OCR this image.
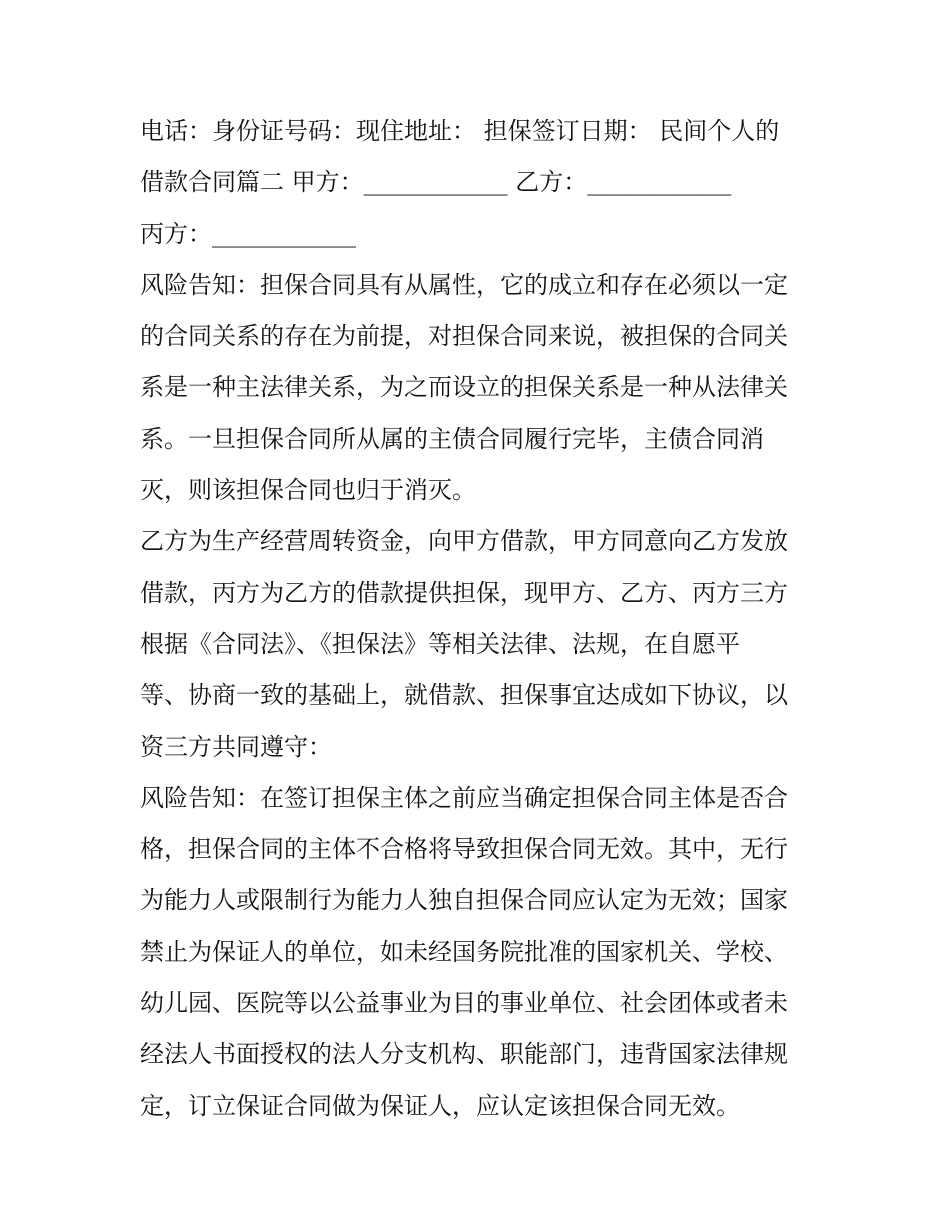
电话：身份证号码：现住地址： 担保签订日期： 民间个人的
借款合同篇二 甲方：____________ 乙方：____________
丙方：____________
风险告知：担保合同具有从属性，它的成立和存在必须以一定
的合同关系的存在为前提，对担保合同来说，被担保的合同关
系是一种主法律关系，为之而设立的担保关系是一种从法律关
系。一旦担保合同所从属的主债合同履行完毕，主债合同消
灭，则该担保合同也归于消灭。
乙方为生产经营周转资金，向甲方借款，甲方同意向乙方发放
借款，丙方为乙方的借款提供担保，现甲方、乙方、丙方三方
根据《合同法》、《担保法》等相关法律、法规，在自愿平
等、协商一致的基础上，就借款、担保事宜达成如下协议，以
资三方共同遵守：
风险告知：在签订担保主体之前应当确定担保合同主体是否合
格，担保合同的主体不合格将导致担保合同无效。其中，无行
为能力人或限制行为能力人独自担保合同应认定为无效；国家
禁止为保证人的单位，如未经国务院批准的国家机关、学校、
幼儿园、医院等以公益事业为目的事业单位、社会团体或者未
经法人书面授权的法人分支机构、职能部门，违背国家法律规
定，订立保证合同做为保证人，应认定该担保合同无效。
